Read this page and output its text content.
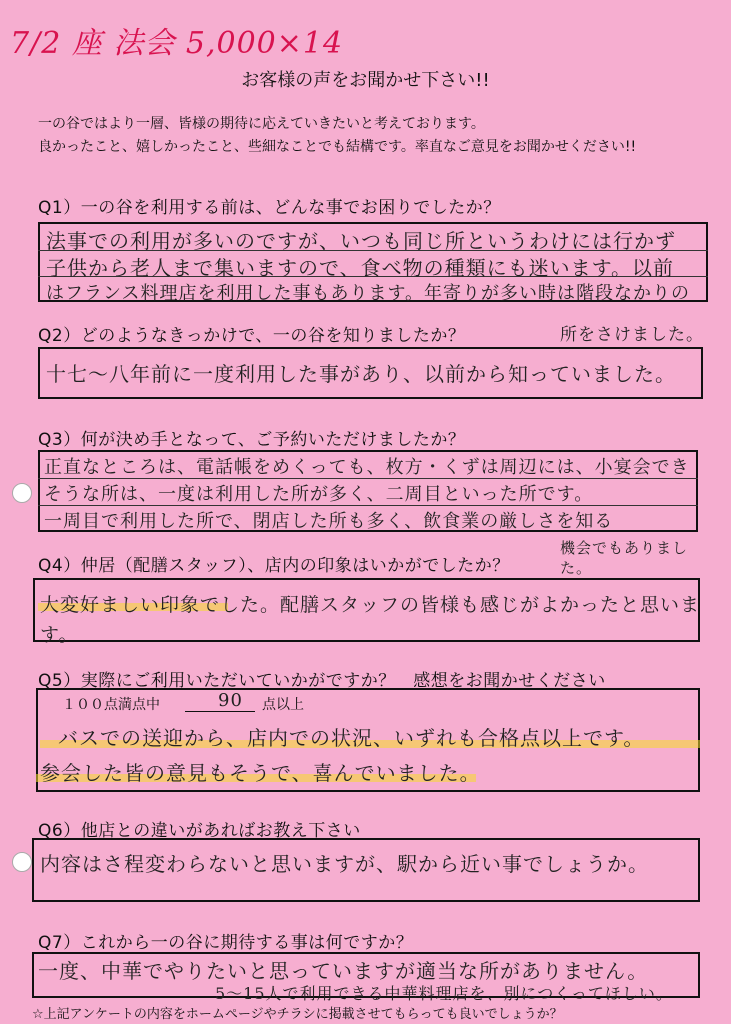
7/2 座 法会 5,000×14
お客様の声をお聞かせ下さい!!
一の谷ではより一層、皆様の期待に応えていきたいと考えております。
良かったこと、嬉しかったこと、些細なことでも結構です。率直なご意見をお聞かせください!!
Q1）一の谷を利用する前は、どんな事でお困りでしたか？
法事での利用が多いのですが、いつも同じ所というわけには行かず
子供から老人まで集いますので、食べ物の種類にも迷います。以前
はフランス料理店を利用した事もあります。年寄りが多い時は階段なかりの
所をさけました。
Q2）どのようなきっかけで、一の谷を知りましたか？
十七～八年前に一度利用した事があり、以前から知っていました。
Q3）何が決め手となって、ご予約いただけましたか？
正直なところは、電話帳をめくっても、枚方・くずは周辺には、小宴会でき
そうな所は、一度は利用した所が多く、二周目といった所です。
一周目で利用した所で、閉店した所も多く、飲食業の厳しさを知る
機会でもありました。
Q4）仲居（配膳スタッフ）、店内の印象はいかがでしたか？
大変好ましい印象でした。配膳スタッフの皆様も感じがよかったと思います。
Q5）実際にご利用いただいていかがですか？　感想をお聞かせください
１００点満点中	90 点以上
バスでの送迎から、店内での状況、いずれも合格点以上です。
参会した皆の意見もそうで、喜んでいました。
Q6）他店との違いがあればお教え下さい
内容はさ程変わらないと思いますが、駅から近い事でしょうか。
Q7）これから一の谷に期待する事は何ですか？
一度、中華でやりたいと思っていますが適当な所がありません。
5～15人で利用できる中華料理店を、別につくってほしい。
☆上記アンケートの内容をホームページやチラシに掲載させてもらっても良いでしょうか？
